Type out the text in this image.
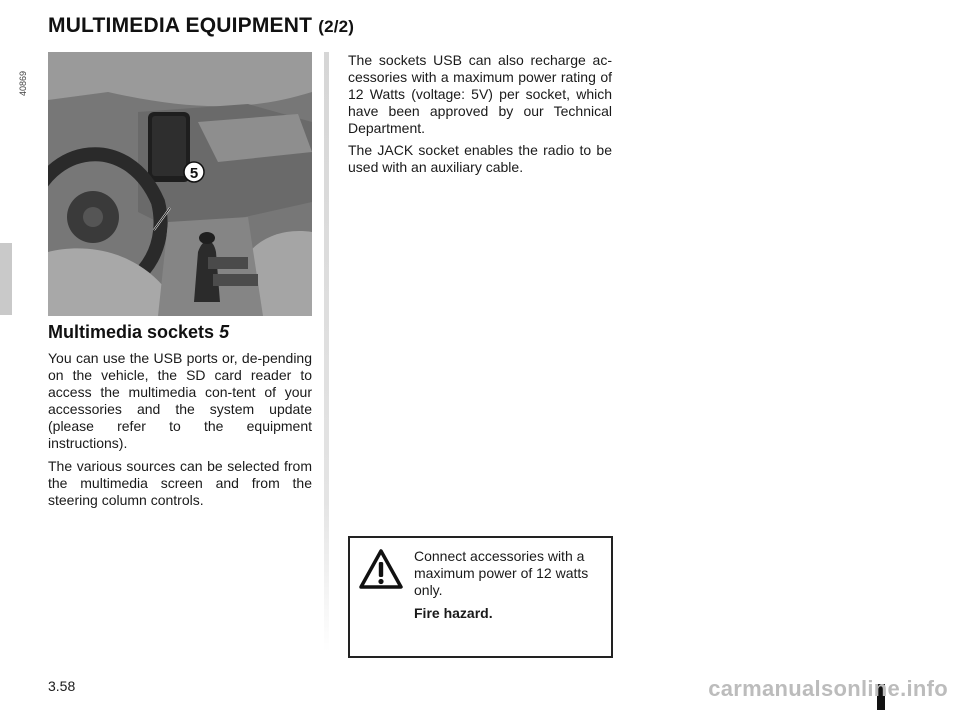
MULTIMEDIA EQUIPMENT (2/2)
40869
5
Multimedia sockets 5

You can use the USB ports or, de-pending on the vehicle, the SD card reader to access the multimedia con-tent of your accessories and the system update (please refer to the equipment instructions).

The various sources can be selected from the multimedia screen and from the steering column controls.

The sockets USB can also recharge ac-cessories with a maximum power rating of 12 Watts (voltage: 5V) per socket, which have been approved by our Technical Department.

The JACK socket enables the radio to be used with an auxiliary cable.

Connect accessories with a maximum power of 12 watts only.

Fire hazard.

3.58	carmanualsonline.info
